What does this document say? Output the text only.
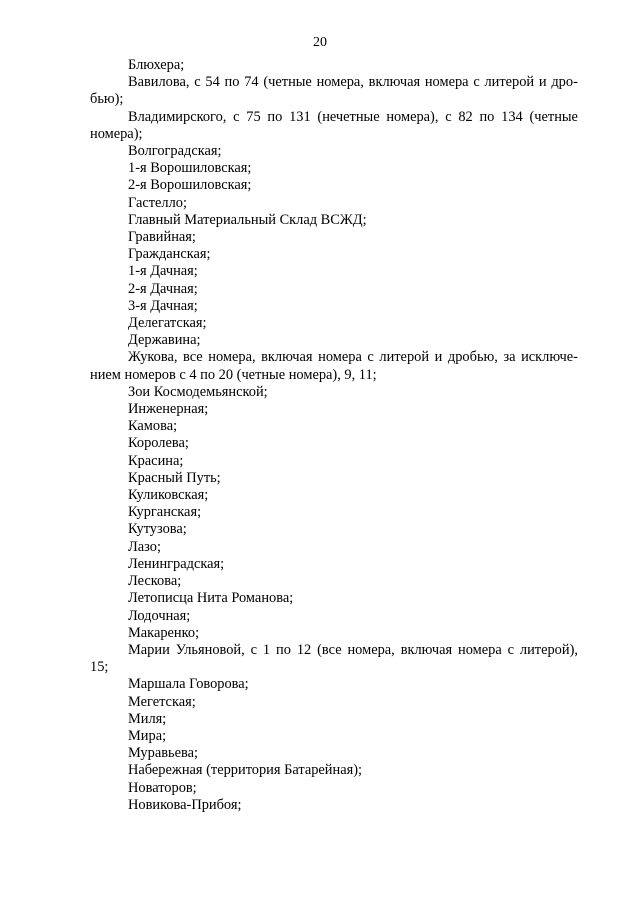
20
Блюхера;
Вавилова, с 54 по 74 (четные номера, включая номера с литерой и дро-
бью);
Владимирского, с 75 по 131 (нечетные номера), с 82 по 134 (четные
номера);
Волгоградская;
1-я Ворошиловская;
2-я Ворошиловская;
Гастелло;
Главный Материальный Склад ВСЖД;
Гравийная;
Гражданская;
1-я Дачная;
2-я Дачная;
3-я Дачная;
Делегатская;
Державина;
Жукова, все номера, включая номера с литерой и дробью, за исключе-
нием номеров с 4 по 20 (четные номера), 9, 11;
Зои Космодемьянской;
Инженерная;
Камова;
Королева;
Красина;
Красный Путь;
Куликовская;
Курганская;
Кутузова;
Лазо;
Ленинградская;
Лескова;
Летописца Нита Романова;
Лодочная;
Макаренко;
Марии Ульяновой, с 1 по 12 (все номера, включая номера с литерой),
15;
Маршала Говорова;
Мегетская;
Миля;
Мира;
Муравьева;
Набережная (территория Батарейная);
Новаторов;
Новикова-Прибоя;
